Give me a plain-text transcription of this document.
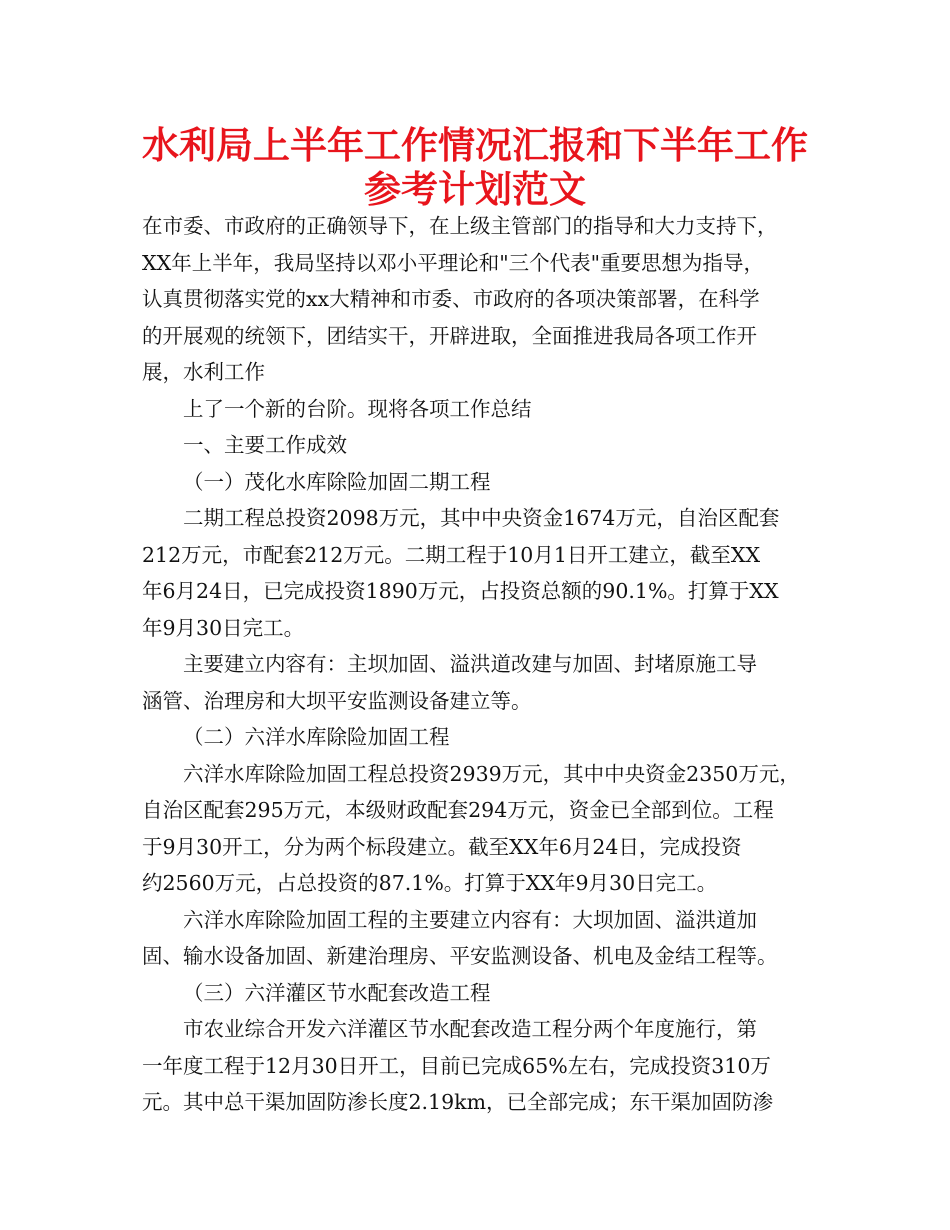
水利局上半年工作情况汇报和下半年工作
参考计划范文
在市委、市政府的正确领导下，在上级主管部门的指导和大力支持下，
XX年上半年，我局坚持以邓小平理论和"三个代表"重要思想为指导，
认真贯彻落实党的xx大精神和市委、市政府的各项决策部署，在科学
的开展观的统领下，团结实干，开辟进取，全面推进我局各项工作开
展，水利工作
上了一个新的台阶。现将各项工作总结
一、主要工作成效
（一）茂化水库除险加固二期工程
二期工程总投资2098万元，其中中央资金1674万元，自治区配套
212万元，市配套212万元。二期工程于10月1日开工建立，截至XX
年6月24日，已完成投资1890万元，占投资总额的90.1%。打算于XX
年9月30日完工。
主要建立内容有：主坝加固、溢洪道改建与加固、封堵原施工导
涵管、治理房和大坝平安监测设备建立等。
（二）六洋水库除险加固工程
六洋水库除险加固工程总投资2939万元，其中中央资金2350万元，
自治区配套295万元，本级财政配套294万元，资金已全部到位。工程
于9月30开工，分为两个标段建立。截至XX年6月24日，完成投资
约2560万元，占总投资的87.1%。打算于XX年9月30日完工。
六洋水库除险加固工程的主要建立内容有：大坝加固、溢洪道加
固、输水设备加固、新建治理房、平安监测设备、机电及金结工程等。
（三）六洋灌区节水配套改造工程
市农业综合开发六洋灌区节水配套改造工程分两个年度施行，第
一年度工程于12月30日开工，目前已完成65%左右，完成投资310万
元。其中总干渠加固防渗长度2.19km，已全部完成；东干渠加固防渗
